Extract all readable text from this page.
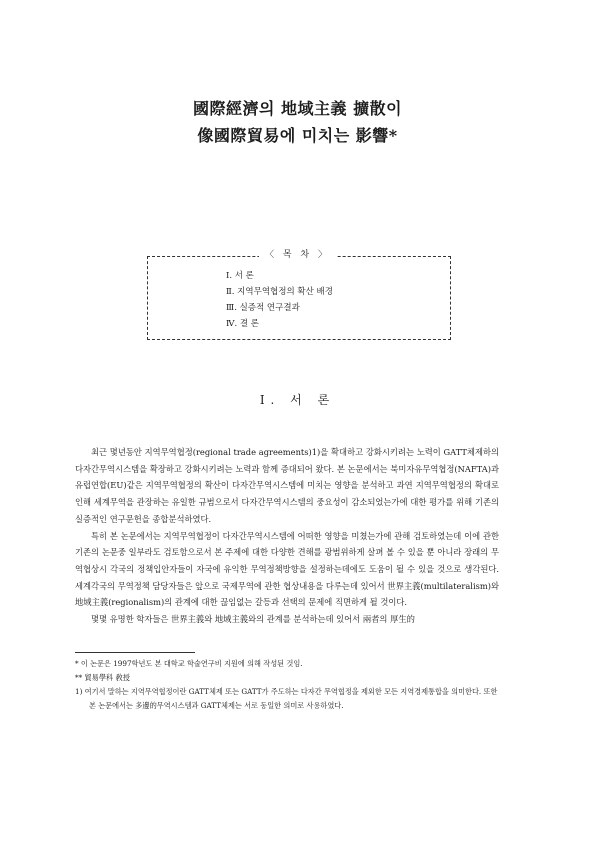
國際經濟의 地域主義 擴散이
像國際貿易에 미치는 影響*
〈 목 차 〉
Ⅰ. 서 론
Ⅱ. 지역무역협정의 확산 배경
Ⅲ. 실증적 연구결과
Ⅳ. 결 론
Ⅰ. 서 론

최근 몇년동안 지역무역협정(regional trade agreements)1)을 확대하고 강화시키려는 노력이 GATT체제하의 다자간무역시스템을 확장하고 강화시키려는 노력과 함께 증대되어 왔다. 본 논문에서는 북미자유무역협정(NAFTA)과 유럽연합(EU)같은 지역무역협정의 확산이 다자간무역시스템에 미치는 영향을 분석하고 과연 지역무역협정의 확대로 인해 세계무역을 관장하는 유일한 규범으로서 다자간무역시스템의 중요성이 감소되었는가에 대한 평가를 위해 기존의 실증적인 연구문헌을 종합분석하였다.

특히 본 논문에서는 지역무역협정이 다자간무역시스템에 어떠한 영향을 미쳤는가에 관해 검토하였는데 이에 관한 기존의 논문중 일부라도 검토함으로서 본 주제에 대한 다양한 견해를 광범위하게 살펴 볼 수 있을 뿐 아니라 장래의 무역협상시 각국의 정책입안자들이 자국에 유익한 무역정책방향을 설정하는데에도 도움이 될 수 있을 것으로 생각된다. 세계각국의 무역정책 담당자들은 앞으로 국제무역에 관한 협상내용을 다루는데 있어서 世界主義(multilateralism)와 地域主義(regionalism)의 관계에 대한 끊임없는 갈등과 선택의 문제에 직면하게 될 것이다.

몇몇 유명한 학자들은 世界主義와 地域主義와의 관계를 분석하는데 있어서 兩者의 厚生的

* 이 논문은 1997학년도 본 대학교 학술연구비 지원에 의해 작성된 것임.

** 貿易學科 敎授

1) 여기서 말하는 지역무역협정이란 GATT체제 또는 GATT가 주도하는 다자간 무역협정을 제외한 모든 지역경제통합을 의미한다. 또한 본 논문에서는 多邊的무역시스템과 GATT체제는 서로 동일한 의미로 사용하였다.
